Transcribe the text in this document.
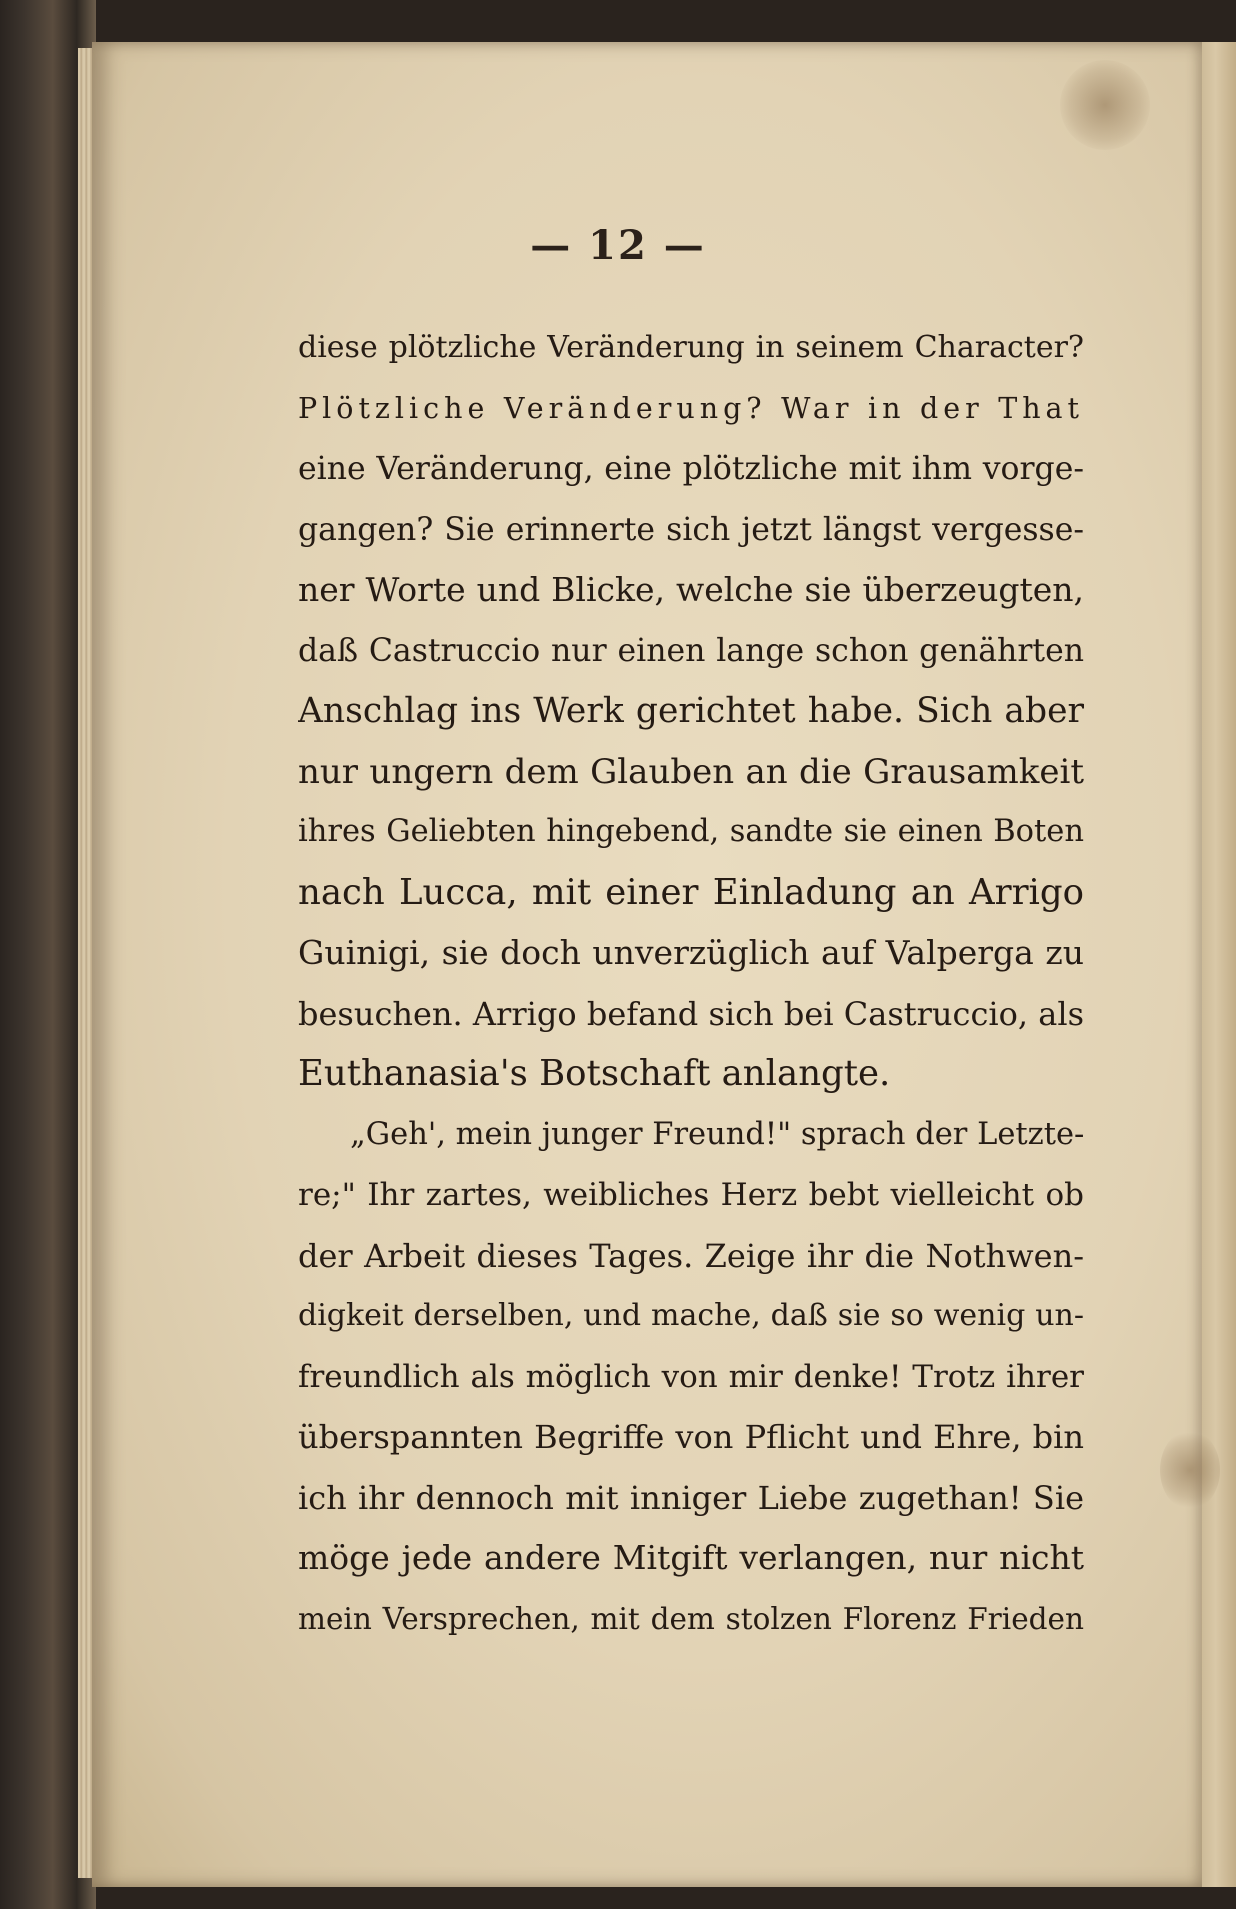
— 12 —
diese plötzliche Veränderung in seinem Character?
Plötzliche Veränderung? War in der That
eine Veränderung, eine plötzliche mit ihm vorge-
gangen? Sie erinnerte sich jetzt längst vergesse-
ner Worte und Blicke, welche sie überzeugten,
daß Castruccio nur einen lange schon genährten
Anschlag ins Werk gerichtet habe. Sich aber
nur ungern dem Glauben an die Grausamkeit
ihres Geliebten hingebend, sandte sie einen Boten
nach Lucca, mit einer Einladung an Arrigo
Guinigi, sie doch unverzüglich auf Valperga zu
besuchen. Arrigo befand sich bei Castruccio, als
Euthanasia's Botschaft anlangte.
„Geh', mein junger Freund!" sprach der Letzte-
re;" Ihr zartes, weibliches Herz bebt vielleicht ob
der Arbeit dieses Tages. Zeige ihr die Nothwen-
digkeit derselben, und mache, daß sie so wenig un-
freundlich als möglich von mir denke! Trotz ihrer
überspannten Begriffe von Pflicht und Ehre, bin
ich ihr dennoch mit inniger Liebe zugethan! Sie
möge jede andere Mitgift verlangen, nur nicht
mein Versprechen, mit dem stolzen Florenz Frieden
